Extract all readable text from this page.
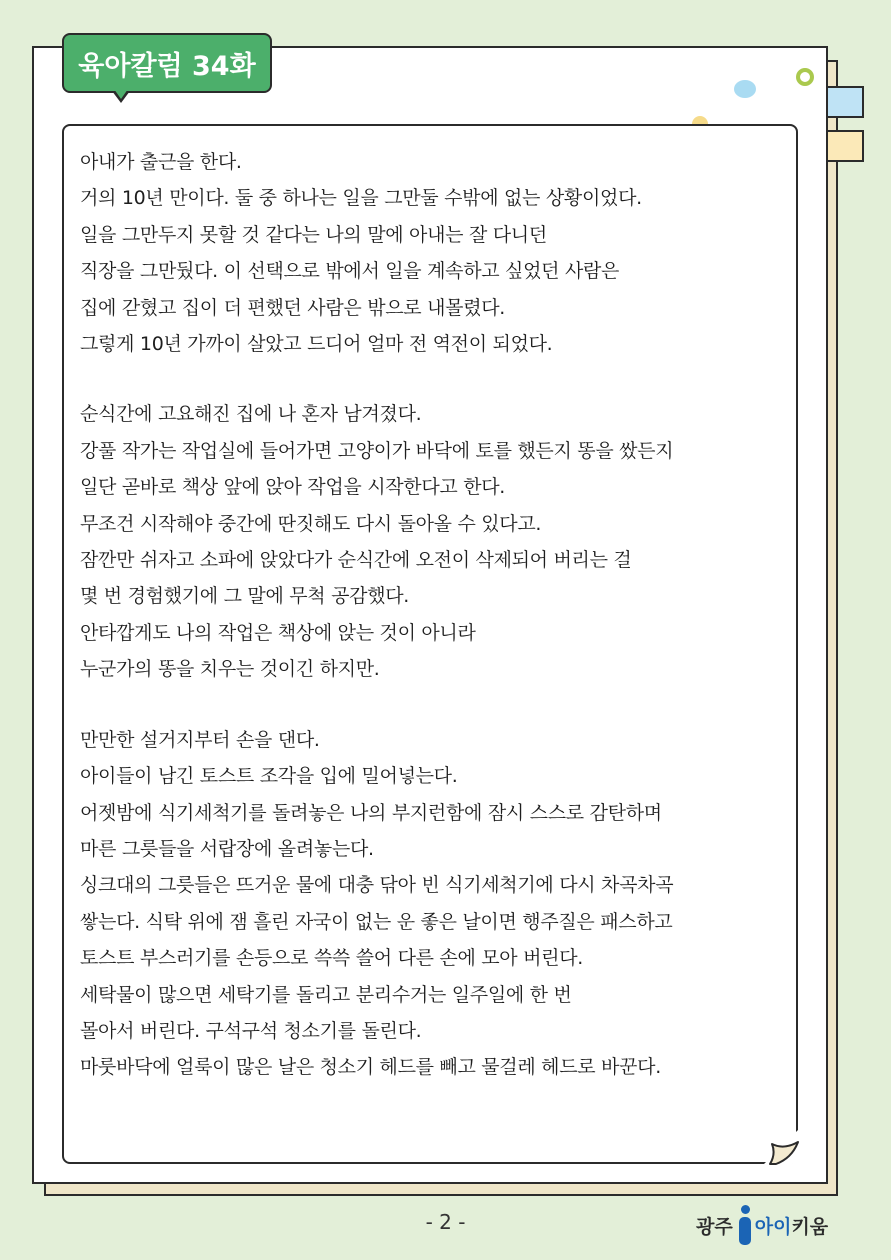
육아칼럼 34화
아내가 출근을 한다.
거의 10년 만이다. 둘 중 하나는 일을 그만둘 수밖에 없는 상황이었다.
일을 그만두지 못할 것 같다는 나의 말에 아내는 잘 다니던
직장을 그만뒀다. 이 선택으로 밖에서 일을 계속하고 싶었던 사람은
집에 갇혔고 집이 더 편했던 사람은 밖으로 내몰렸다.
그렇게 10년 가까이 살았고 드디어 얼마 전 역전이 되었다.
순식간에 고요해진 집에 나 혼자 남겨졌다.
강풀 작가는 작업실에 들어가면 고양이가 바닥에 토를 했든지 똥을 쌌든지
일단 곧바로 책상 앞에 앉아 작업을 시작한다고 한다.
무조건 시작해야 중간에 딴짓해도 다시 돌아올 수 있다고.
잠깐만 쉬자고 소파에 앉았다가 순식간에 오전이 삭제되어 버리는 걸
몇 번 경험했기에 그 말에 무척 공감했다.
안타깝게도 나의 작업은 책상에 앉는 것이 아니라
누군가의 똥을 치우는 것이긴 하지만.
만만한 설거지부터 손을 댄다.
아이들이 남긴 토스트 조각을 입에 밀어넣는다.
어젯밤에 식기세척기를 돌려놓은 나의 부지런함에 잠시 스스로 감탄하며
마른 그릇들을 서랍장에 올려놓는다.
싱크대의 그릇들은 뜨거운 물에 대충 닦아 빈 식기세척기에 다시 차곡차곡
쌓는다. 식탁 위에 잼 흘린 자국이 없는 운 좋은 날이면 행주질은 패스하고
토스트 부스러기를 손등으로 쓱쓱 쓸어 다른 손에 모아 버린다.
세탁물이 많으면 세탁기를 돌리고 분리수거는 일주일에 한 번
몰아서 버린다. 구석구석 청소기를 돌린다.
마룻바닥에 얼룩이 많은 날은 청소기 헤드를 빼고 물걸레 헤드로 바꾼다.
- 2 -	광주 아이 키움
